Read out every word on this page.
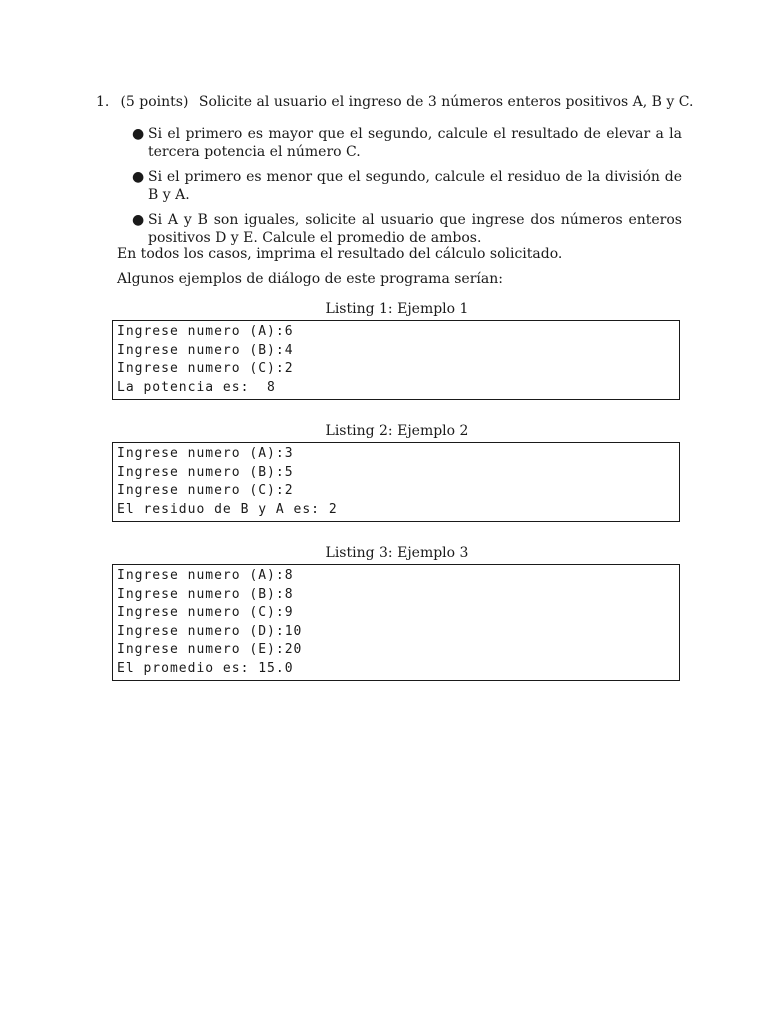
1. (5 points) Solicite al usuario el ingreso de 3 números enteros positivos A, B y C.
● Si el primero es mayor que el segundo, calcule el resultado de elevar a la tercera potencia el número C.
● Si el primero es menor que el segundo, calcule el residuo de la división de B y A.
● Si A y B son iguales, solicite al usuario que ingrese dos números enteros positivos D y E. Calcule el promedio de ambos.
En todos los casos, imprima el resultado del cálculo solicitado.
Algunos ejemplos de diálogo de este programa serían:
Listing 1: Ejemplo 1
Ingrese numero (A):6
Ingrese numero (B):4
Ingrese numero (C):2
La potencia es:  8
Listing 2: Ejemplo 2
Ingrese numero (A):3
Ingrese numero (B):5
Ingrese numero (C):2
El residuo de B y A es: 2
Listing 3: Ejemplo 3
Ingrese numero (A):8
Ingrese numero (B):8
Ingrese numero (C):9
Ingrese numero (D):10
Ingrese numero (E):20
El promedio es: 15.0
